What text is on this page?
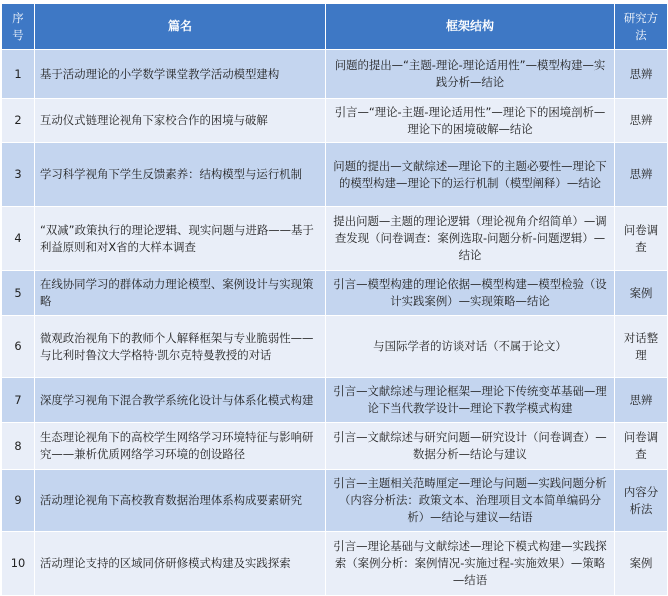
序号	篇名	框架结构	研究方法
1	基于活动理论的小学数学课堂教学活动模型建构	问题的提出—“主题-理论-理论适用性”—模型构建—实践分析—结论	思辨
2	互动仪式链理论视角下家校合作的困境与破解	引言—“理论-主题-理论适用性”—理论下的困境剖析—理论下的困境破解—结论	思辨
3	学习科学视角下学生反馈素养：结构模型与运行机制	问题的提出—文献综述—理论下的主题必要性—理论下的模型构建—理论下的运行机制（模型阐释）—结论	思辨
4	“双减”政策执行的理论逻辑、现实问题与进路——基于利益原则和对X省的大样本调查	提出问题—主题的理论逻辑（理论视角介绍简单）—调查发现（问卷调查：案例选取-问题分析-问题逻辑）—结论	问卷调查
5	在线协同学习的群体动力理论模型、案例设计与实现策略	引言—模型构建的理论依据—模型构建—模型检验（设计实践案例）—实现策略—结论	案例
6	微观政治视角下的教师个人解释框架与专业脆弱性——与比利时鲁汶大学格特·凯尔克特曼教授的对话	与国际学者的访谈对话（不属于论文）	对话整理
7	深度学习视角下混合教学系统化设计与体系化模式构建	引言—文献综述与理论框架—理论下传统变革基础—理论下当代教学设计—理论下教学模式构建	思辨
8	生态理论视角下的高校学生网络学习环境特征与影响研究——兼析优质网络学习环境的创设路径	引言—文献综述与研究问题—研究设计（问卷调查）—数据分析—结论与建议	问卷调查
9	活动理论视角下高校教育数据治理体系构成要素研究	引言—主题相关范畴厘定—理论与问题—实践问题分析（内容分析法：政策文本、治理项目文本简单编码分析）—结论与建议—结语	内容分析法
10	活动理论支持的区域同侪研修模式构建及实践探索	引言—理论基础与文献综述—理论下模式构建—实践探索（案例分析：案例情况-实施过程-实施效果）—策略—结语	案例
